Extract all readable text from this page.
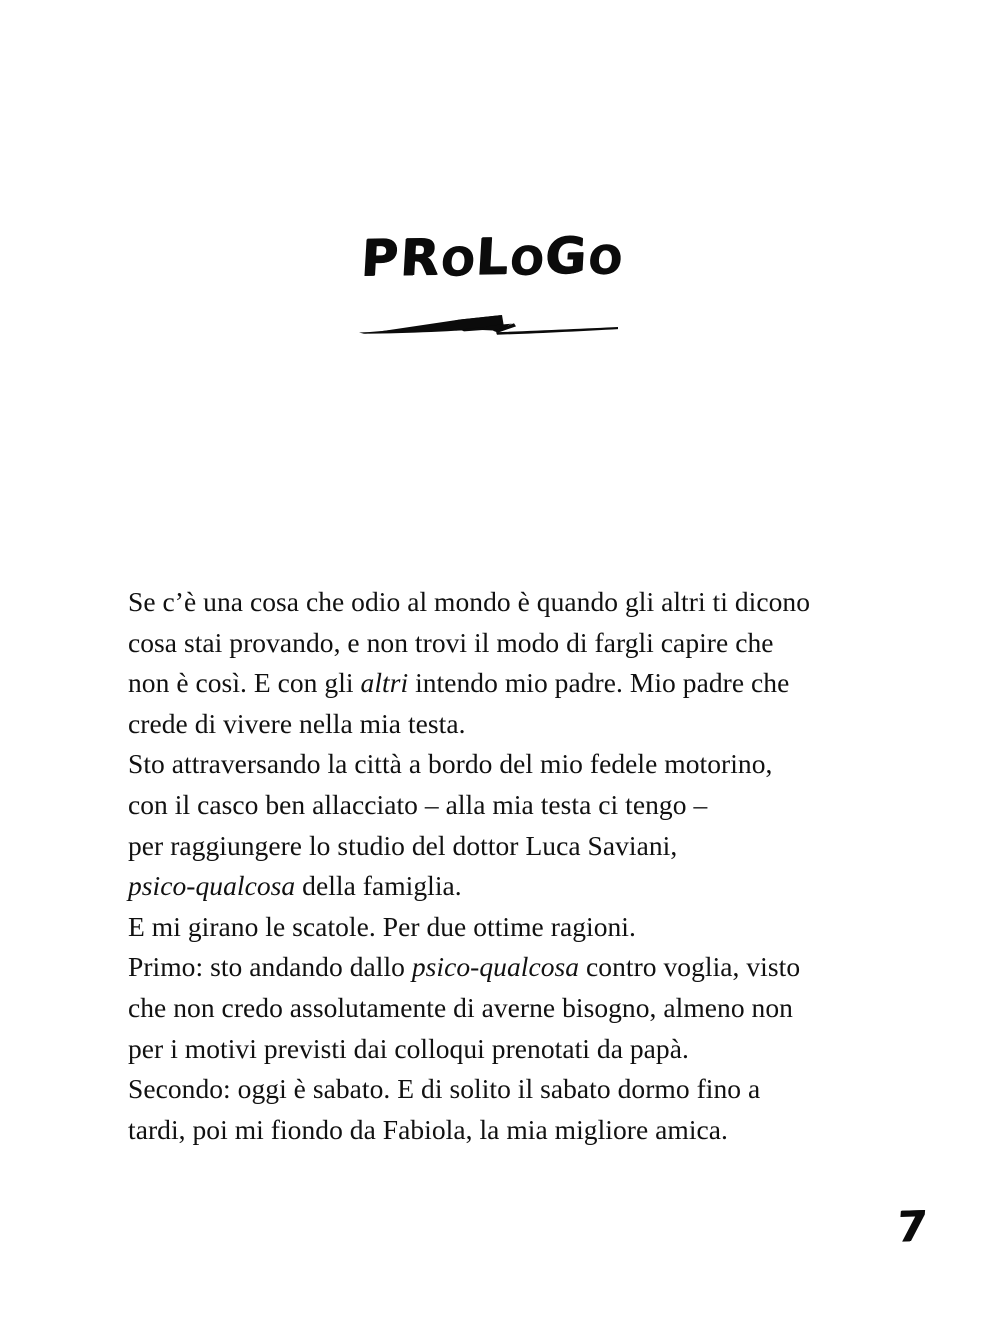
PROLOGO

Se c’è una cosa che odio al mondo è quando gli altri ti dicono
cosa stai provando, e non trovi il modo di fargli capire che
non è così. E con gli altri intendo mio padre. Mio padre che
crede di vivere nella mia testa.

Sto attraversando la città a bordo del mio fedele motorino,
con il casco ben allacciato – alla mia testa ci tengo –
per raggiungere lo studio del dottor Luca Saviani,
psico-qualcosa della famiglia.

E mi girano le scatole. Per due ottime ragioni.

Primo: sto andando dallo psico-qualcosa contro voglia, visto
che non credo assolutamente di averne bisogno, almeno non
per i motivi previsti dai colloqui prenotati da papà.

Secondo: oggi è sabato. E di solito il sabato dormo fino a
tardi, poi mi fiondo da Fabiola, la mia migliore amica.

7
